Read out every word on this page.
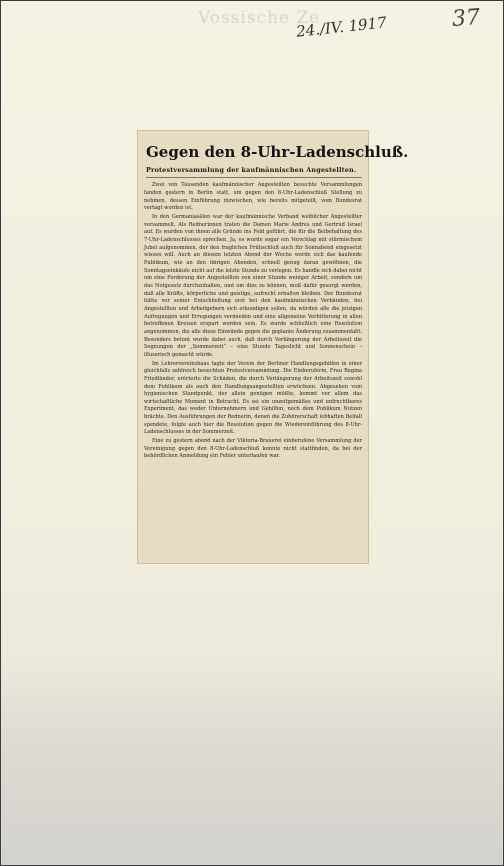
Vossische Ze
24./IV. 1917	37
Gegen den 8-Uhr-Ladenschluß.
Protestversammlung der kaufmännischen Angestellten.

Zwei von Tausenden kaufmännischer Angestellten besuchte Versammlungen fanden gestern in Berlin statt, um gegen den 8-Uhr-Ladenschluß Stellung zu nehmen, dessen Einführung inzwischen, wie bereits mitgeteilt, vom Bundesrat vertagt worden ist.

In den Germaniasälen war der kaufmännische Verband weiblicher Angestellter versammelt. Als Rednerinnen traten die Damen Marie Andres und Gertrud Israel auf. Es wurden von ihnen alle Gründe ins Feld geführt, die für die Beibehaltung des 7-Uhr-Ladenschlusses sprechen. Ja, es wurde sogar ein Vorschlag mit stürmischem Jubel aufgenommen, der den fraglichen Frühschluß auch für Sonnabend eingesetzt wissen will. Auch an diesem letzten Abend der Woche werde sich das kaufende Publikum, wie an den übrigen Abenden, schnell genug daran gewöhnen, die Sonntagseinkäufe nicht auf die letzte Stunde zu verlegen. Es handle sich dabei nicht um eine Forderung der Angestellten von einer Stunde weniger Arbeit, sondern um das Notgesetz durchzuhalten, und um dies zu können, muß dafür gesorgt werden, daß alle Kräfte, körperliche und geistige, aufrecht erhalten bleiben. Der Bundesrat hätte vor seiner Entschließung erst bei den kaufmännischen Verbänden, bei Angestellten und Arbeitgebern sich erkundigen sollen, da würden alle die jetzigen Aufregungen und Erregungen vermieden und eine allgemeine Verbitterung in allen betroffenen Kreisen erspart worden sein. Es wurde schließlich eine Resolution angenommen, die alle diese Einwände gegen die geplante Änderung zusammenfaßt. Besonders betont wurde dabei auch, daß durch Verlängerung der Arbeitszeit die Segnungen der „Sommerzeit“ – eine Stunde Tageslicht und Sonnenschein – illusorisch gemacht würde.

Im Lehrervereinshaus tagte der Verein der Berliner Handlungsgehilfen in einer gleichfalls zahlreich besuchten Protestversammlung. Die Einberuferin, Frau Regina Friedländer, erörterte die Schäden, die durch Verlängerung der Arbeitszeit sowohl dem Publikum als auch den Handlungsangestellten erwüchsen. Abgesehen vom hygienischen Standpunkt, der allein genügen müßte, kommt vor allem das wirtschaftliche Moment in Betracht. Es sei ein unzeitgemäßes und unfruchtbares Experiment, das weder Unternehmern und Gehilfen, noch dem Publikum Nutzen brächte. Den Ausführungen der Rednerin, denen die Zuhörerschaft lebhaften Beifall spendete, folgte auch hier die Resolution gegen die Wiedereinführung des 8-Uhr-Ladenschlusses in der Sommerzeit.

Eine zu gestern abend nach der Viktoria-Brauerei einberufene Versammlung der Vereinigung gegen den 8-Uhr-Ladenschluß konnte nicht stattfinden, da bei der behördlichen Anmeldung ein Fehler unterlaufen war.
